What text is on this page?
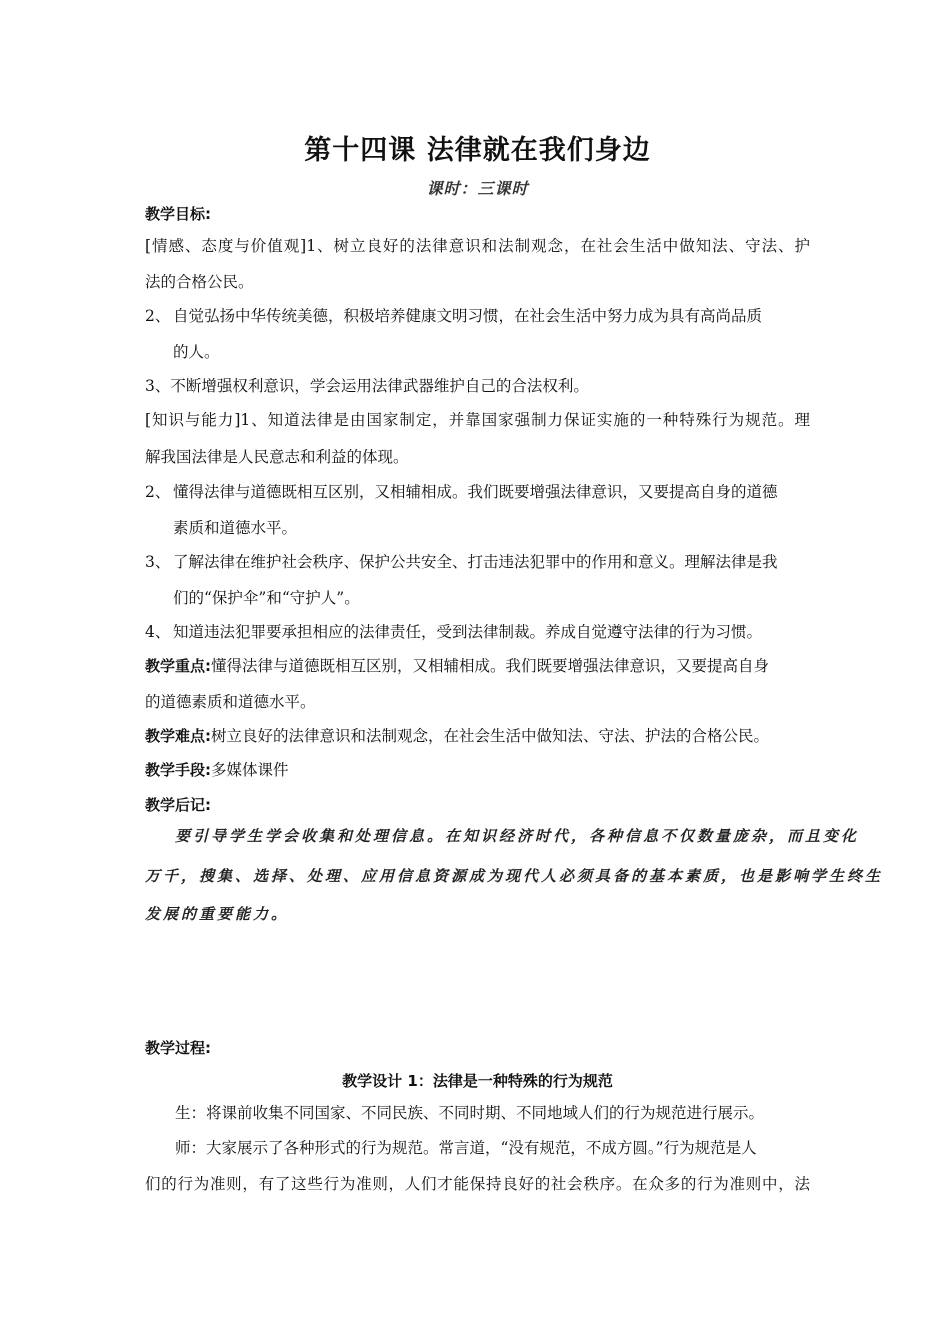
第十四课 法律就在我们身边
课时：三课时
教学目标:
[情感、态度与价值观]1、树立良好的法律意识和法制观念，在社会生活中做知法、守法、护
法的合格公民。
2、 自觉弘扬中华传统美德，积极培养健康文明习惯，在社会生活中努力成为具有高尚品质
的人。
3、不断增强权利意识，学会运用法律武器维护自己的合法权利。
[知识与能力]1、知道法律是由国家制定，并靠国家强制力保证实施的一种特殊行为规范。理
解我国法律是人民意志和利益的体现。
2、 懂得法律与道德既相互区别，又相辅相成。我们既要增强法律意识，又要提高自身的道德
素质和道德水平。
3、 了解法律在维护社会秩序、保护公共安全、打击违法犯罪中的作用和意义。理解法律是我
们的“保护伞”和“守护人”。
4、 知道违法犯罪要承担相应的法律责任，受到法律制裁。养成自觉遵守法律的行为习惯。
教学重点:懂得法律与道德既相互区别，又相辅相成。我们既要增强法律意识，又要提高自身
的道德素质和道德水平。
教学难点:树立良好的法律意识和法制观念，在社会生活中做知法、守法、护法的合格公民。
教学手段:多媒体课件
教学后记:
要引导学生学会收集和处理信息。在知识经济时代，各种信息不仅数量庞杂，而且变化
万千，搜集、选择、处理、应用信息资源成为现代人必须具备的基本素质，也是影响学生终生
发展的重要能力。
教学过程:
教学设计 1：法律是一种特殊的行为规范
生：将课前收集不同国家、不同民族、不同时期、不同地域人们的行为规范进行展示。
师：大家展示了各种形式的行为规范。常言道，“没有规范，不成方圆。”行为规范是人
们的行为准则，有了这些行为准则，人们才能保持良好的社会秩序。在众多的行为准则中，法
